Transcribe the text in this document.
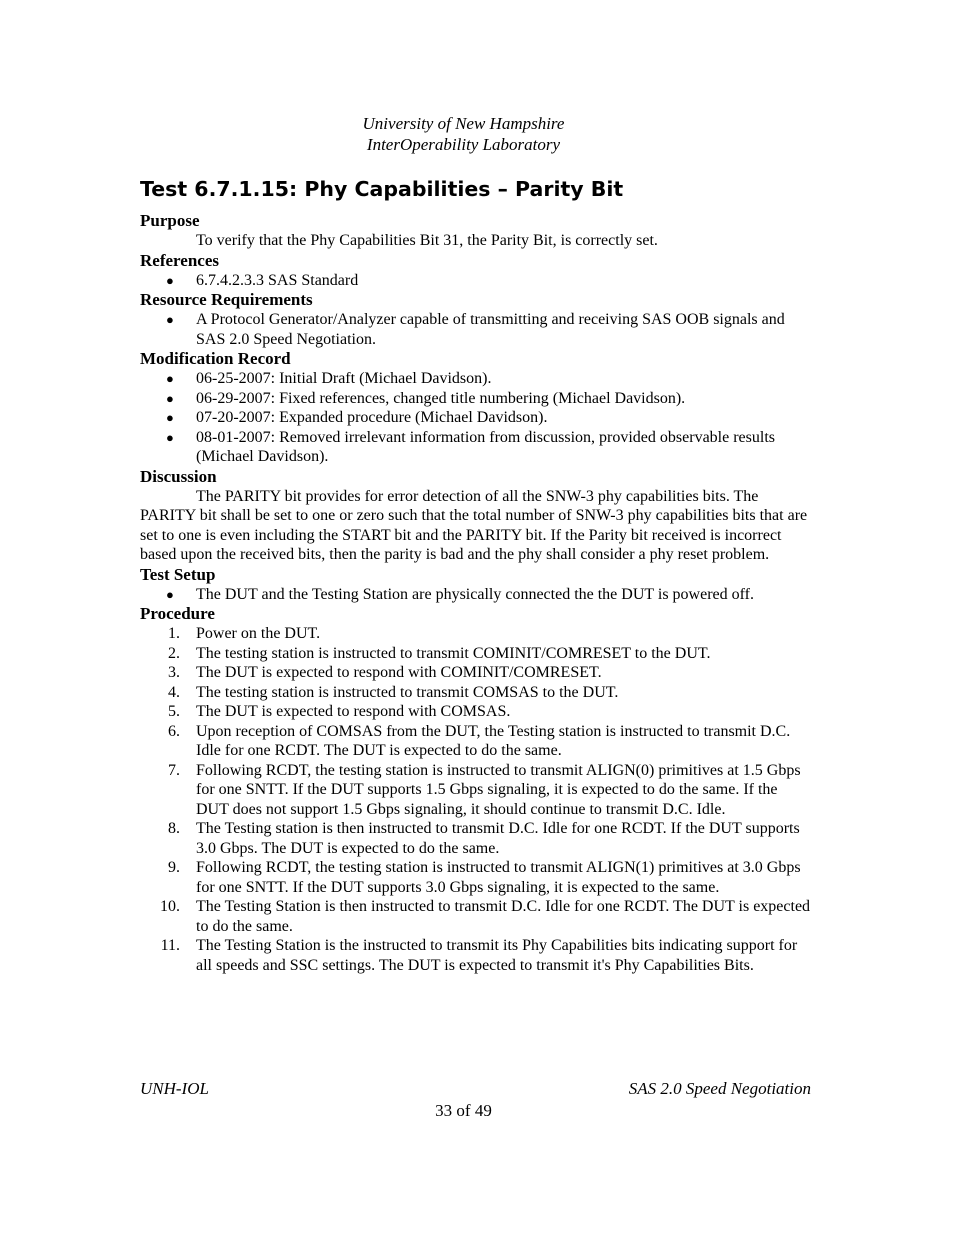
University of New Hampshire
InterOperability Laboratory
Test 6.7.1.15: Phy Capabilities – Parity Bit
Purpose

To verify that the Phy Capabilities Bit 31, the Parity Bit, is correctly set.

References
● 6.7.4.2.3.3 SAS Standard
Resource Requirements
● A Protocol Generator/Analyzer capable of transmitting and receiving SAS OOB signals and SAS 2.0 Speed Negotiation.
Modification Record
● 06-25-2007: Initial Draft (Michael Davidson).
● 06-29-2007: Fixed references, changed title numbering (Michael Davidson).
● 07-20-2007: Expanded procedure (Michael Davidson).
● 08-01-2007: Removed irrelevant information from discussion, provided observable results (Michael Davidson).
Discussion

The PARITY bit provides for error detection of all the SNW-3 phy capabilities bits. The PARITY bit shall be set to one or zero such that the total number of SNW-3 phy capabilities bits that are set to one is even including the START bit and the PARITY bit. If the Parity bit received is incorrect based upon the received bits, then the parity is bad and the phy shall consider a phy reset problem.

Test Setup
● The DUT and the Testing Station are physically connected the the DUT is powered off.
Procedure
1. Power on the DUT.
2. The testing station is instructed to transmit COMINIT/COMRESET to the DUT.
3. The DUT is expected to respond with COMINIT/COMRESET.
4. The testing station is instructed to transmit COMSAS to the DUT.
5. The DUT is expected to respond with COMSAS.
6. Upon reception of COMSAS from the DUT, the Testing station is instructed to transmit D.C. Idle for one RCDT. The DUT is expected to do the same.
7. Following RCDT, the testing station is instructed to transmit ALIGN(0) primitives at 1.5 Gbps for one SNTT. If the DUT supports 1.5 Gbps signaling, it is expected to do the same. If the DUT does not support 1.5 Gbps signaling, it should continue to transmit D.C. Idle.
8. The Testing station is then instructed to transmit D.C. Idle for one RCDT. If the DUT supports 3.0 Gbps. The DUT is expected to do the same.
9. Following RCDT, the testing station is instructed to transmit ALIGN(1) primitives at 3.0 Gbps for one SNTT. If the DUT supports 3.0 Gbps signaling, it is expected to the same.
10. The Testing Station is then instructed to transmit D.C. Idle for one RCDT. The DUT is expected to do the same.
11. The Testing Station is the instructed to transmit its Phy Capabilities bits indicating support for all speeds and SSC settings. The DUT is expected to transmit it's Phy Capabilities Bits.
UNH-IOL	SAS 2.0 Speed Negotiation
33 of 49
